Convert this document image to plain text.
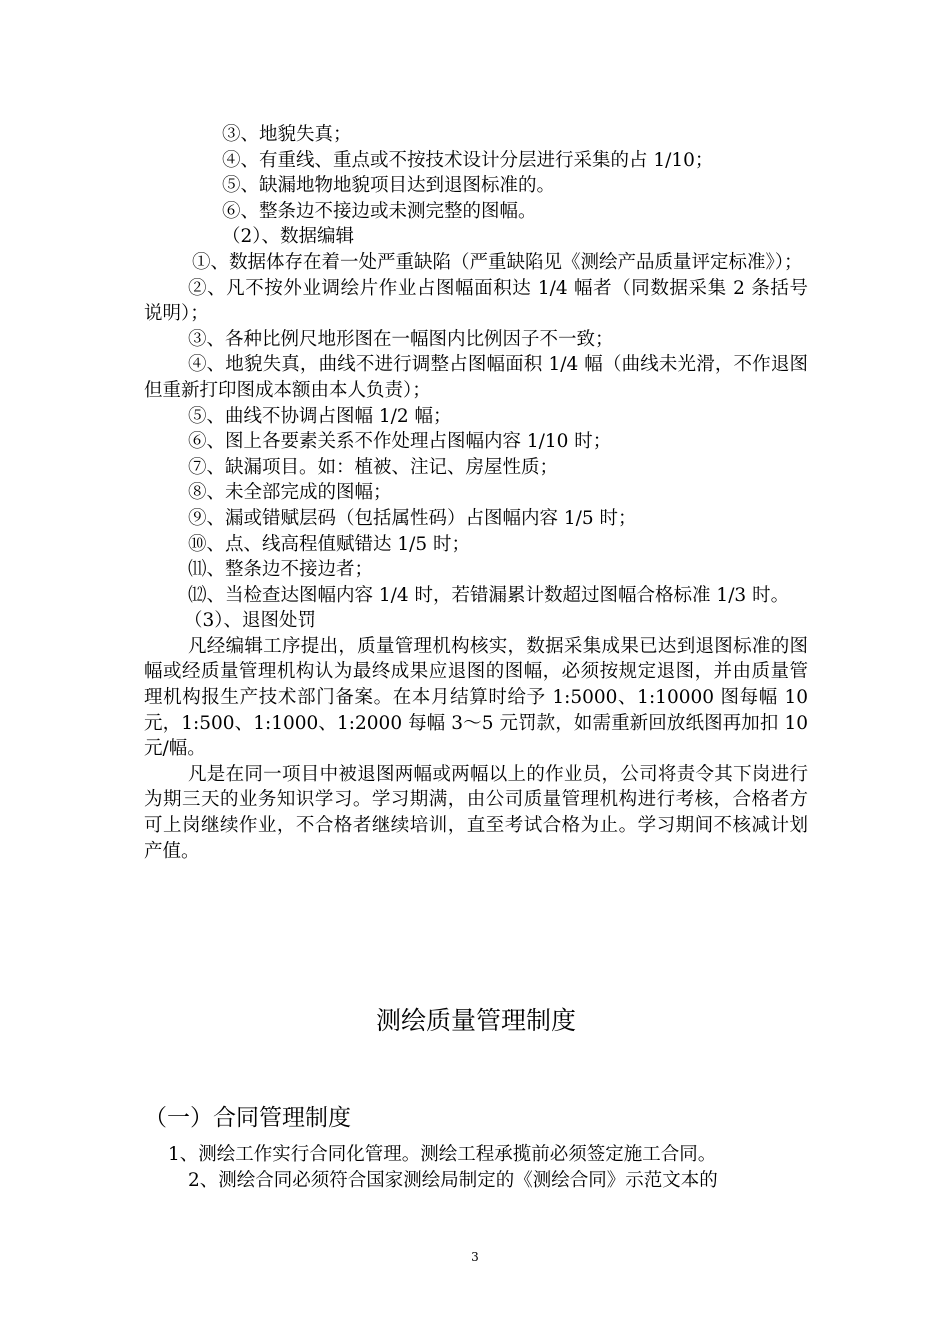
③、地貌失真；

④、有重线、重点或不按技术设计分层进行采集的占 1/10；

⑤、缺漏地物地貌项目达到退图标准的。

⑥、整条边不接边或未测完整的图幅。

（2）、数据编辑

①、数据体存在着一处严重缺陷（严重缺陷见《测绘产品质量评定标准》）；

②、凡不按外业调绘片作业占图幅面积达 1/4 幅者（同数据采集 2 条括号说明）；

③、各种比例尺地形图在一幅图内比例因子不一致；

④、地貌失真，曲线不进行调整占图幅面积 1/4 幅（曲线未光滑，不作退图但重新打印图成本额由本人负责）；

⑤、曲线不协调占图幅 1/2 幅；

⑥、图上各要素关系不作处理占图幅内容 1/10 时；

⑦、缺漏项目。如：植被、注记、房屋性质；

⑧、未全部完成的图幅；

⑨、漏或错赋层码（包括属性码）占图幅内容 1/5 时；

⑩、点、线高程值赋错达 1/5 时；

⑾、整条边不接边者；

⑿、当检查达图幅内容 1/4 时，若错漏累计数超过图幅合格标准 1/3 时。

（3）、退图处罚

凡经编辑工序提出，质量管理机构核实，数据采集成果已达到退图标准的图幅或经质量管理机构认为最终成果应退图的图幅，必须按规定退图，并由质量管理机构报生产技术部门备案。在本月结算时给予 1:5000、1:10000 图每幅 10 元，1:500、1:1000、1:2000 每幅 3～5 元罚款，如需重新回放纸图再加扣 10 元/幅。

凡是在同一项目中被退图两幅或两幅以上的作业员，公司将责令其下岗进行为期三天的业务知识学习。学习期满，由公司质量管理机构进行考核，合格者方可上岗继续作业，不合格者继续培训，直至考试合格为止。学习期间不核减计划产值。

测绘质量管理制度
（一）合同管理制度

1、测绘工作实行合同化管理。测绘工程承揽前必须签定施工合同。

2、测绘合同必须符合国家测绘局制定的《测绘合同》示范文本的

3
